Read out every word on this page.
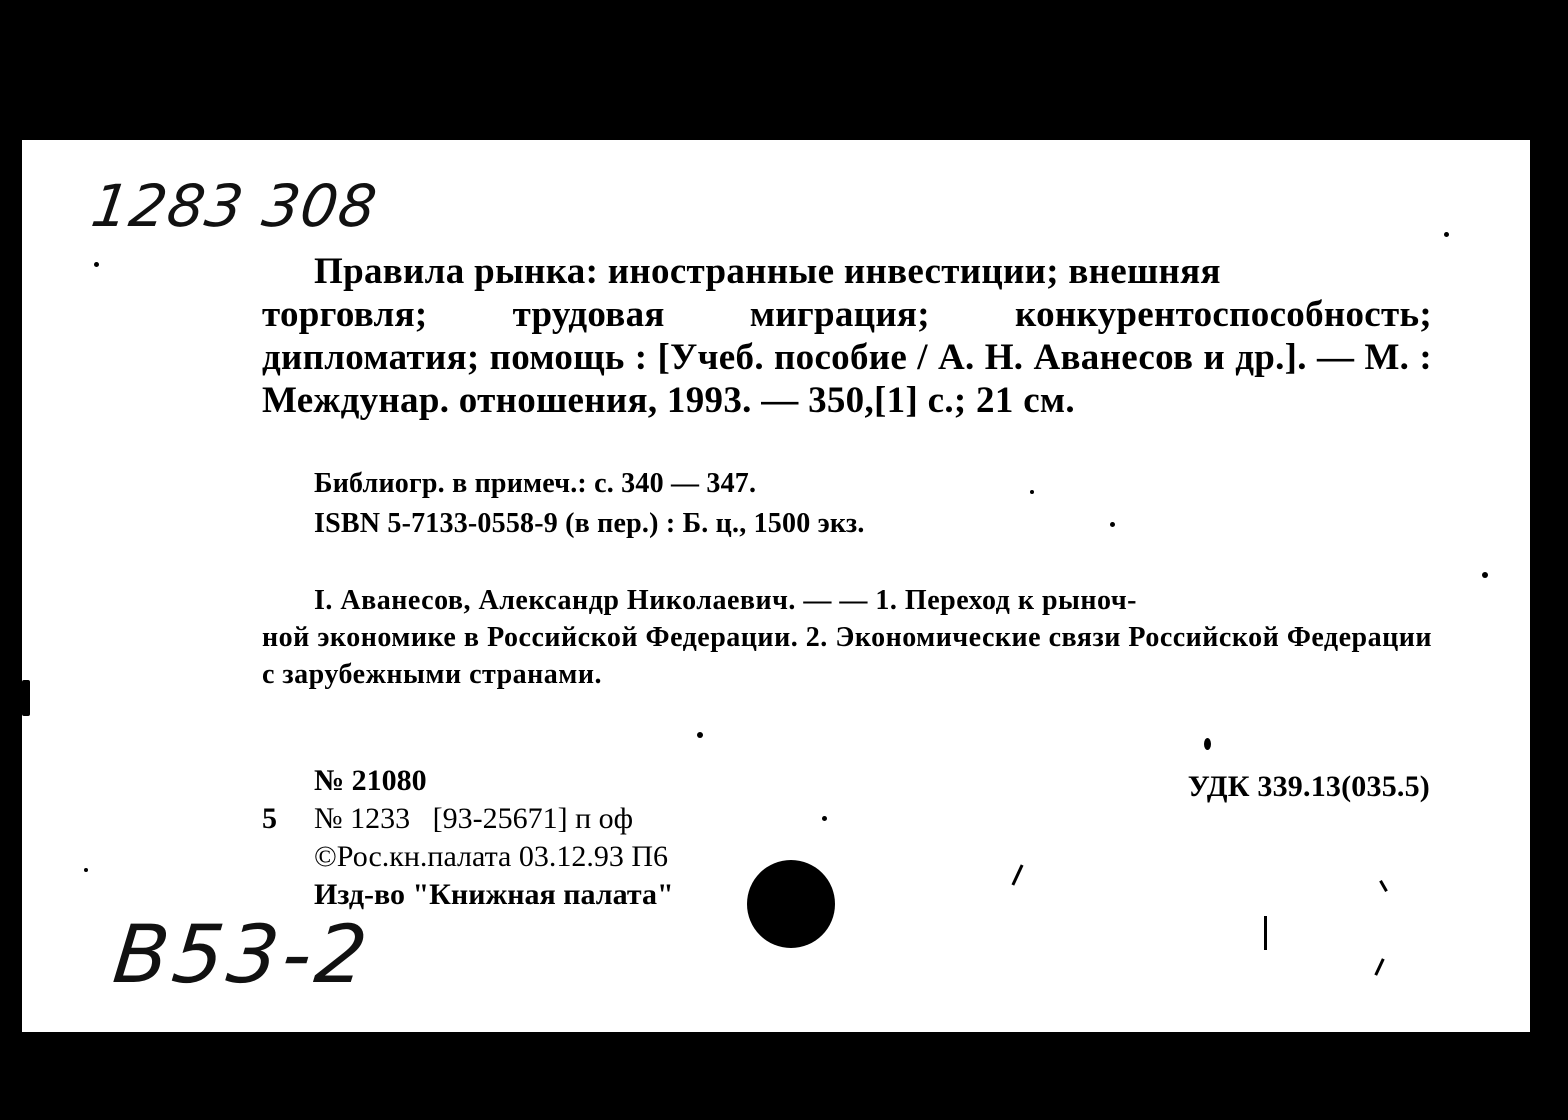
1283 308
Правила рынка: иностранные инвестиции; внешняя
торговля; трудовая миграция; конкурентоспособность; дипломатия; помощь : [Учеб. пособие / А. Н. Аванесов и др.]. — М. : Междунар. отношения, 1993. — 350,[1] с.; 21 см.
Библиогр. в примеч.: с. 340 — 347.
ISBN 5-7133-0558-9 (в пер.) : Б. ц., 1500 экз.
I. Аванесов, Александр Николаевич. — — 1. Переход к рыноч-
ной экономике в Российской Федерации. 2. Экономические связи Российской Федерации с зарубежными странами.
№ 21080
5	№ 1233   [93-25671] п оф
©Рос.кн.палата 03.12.93 П6
Изд-во "Книжная палата"
УДК 339.13(035.5)
B53-2
